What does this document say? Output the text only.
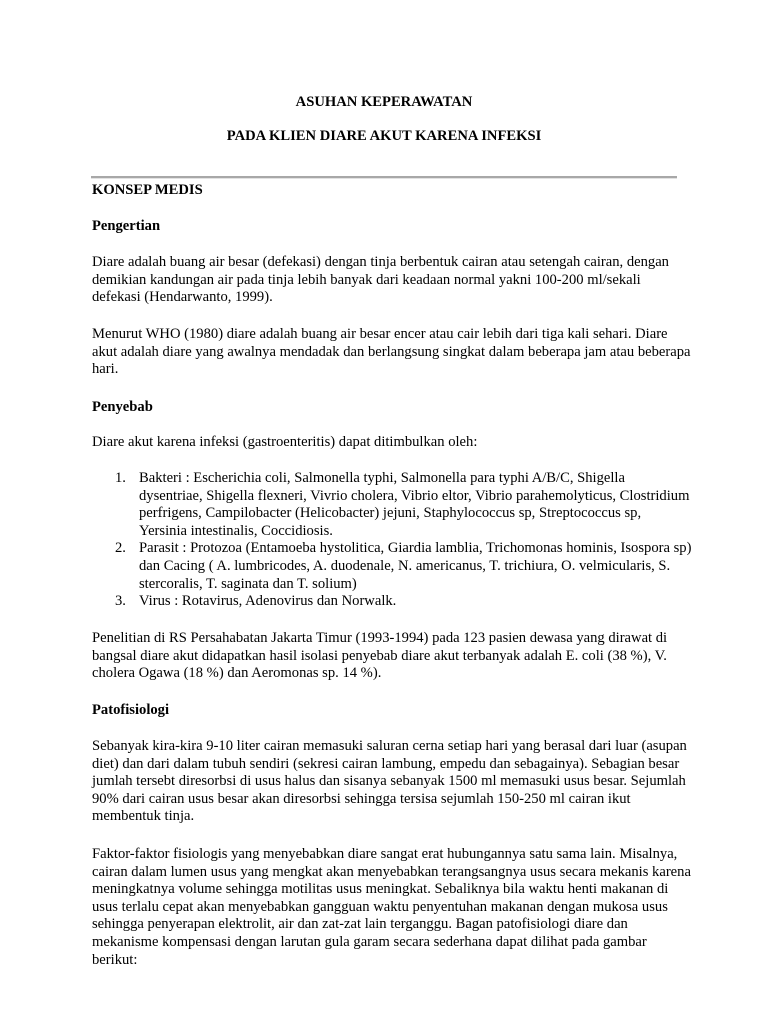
ASUHAN KEPERAWATAN
PADA KLIEN DIARE AKUT KARENA INFEKSI
KONSEP MEDIS
Pengertian

Diare adalah buang air besar (defekasi) dengan tinja berbentuk cairan atau setengah cairan, dengan demikian kandungan air pada tinja lebih banyak dari keadaan normal yakni 100-200 ml/sekali defekasi (Hendarwanto, 1999).

Menurut WHO (1980) diare adalah buang air besar encer atau cair lebih dari tiga kali sehari. Diare akut adalah diare yang awalnya mendadak dan berlangsung singkat dalam beberapa jam atau beberapa hari.

Penyebab

Diare akut karena infeksi (gastroenteritis) dapat ditimbulkan oleh:

1. Bakteri : Escherichia coli, Salmonella typhi, Salmonella para typhi A/B/C, Shigella dysentriae, Shigella flexneri, Vivrio cholera, Vibrio eltor, Vibrio parahemolyticus, Clostridium perfrigens, Campilobacter (Helicobacter) jejuni, Staphylococcus sp, Streptococcus sp, Yersinia intestinalis, Coccidiosis.
2. Parasit : Protozoa (Entamoeba hystolitica, Giardia lamblia, Trichomonas hominis, Isospora sp) dan Cacing ( A. lumbricodes, A. duodenale, N. americanus, T. trichiura, O. velmicularis, S. stercoralis, T. saginata dan T. solium)
3. Virus : Rotavirus, Adenovirus dan Norwalk.

Penelitian di RS Persahabatan Jakarta Timur (1993-1994) pada 123 pasien dewasa yang dirawat di bangsal diare akut didapatkan hasil isolasi penyebab diare akut terbanyak adalah E. coli (38 %), V. cholera Ogawa (18 %) dan Aeromonas sp. 14 %).

Patofisiologi

Sebanyak kira-kira 9-10 liter cairan memasuki saluran cerna setiap hari yang berasal dari luar (asupan diet) dan dari dalam tubuh sendiri (sekresi cairan lambung, empedu dan sebagainya). Sebagian besar jumlah tersebt diresorbsi di usus halus dan sisanya sebanyak 1500 ml memasuki usus besar. Sejumlah 90% dari cairan usus besar akan diresorbsi sehingga tersisa sejumlah 150-250 ml cairan ikut membentuk tinja.

Faktor-faktor fisiologis yang menyebabkan diare sangat erat hubungannya satu sama lain. Misalnya, cairan dalam lumen usus yang mengkat akan menyebabkan terangsangnya usus secara mekanis karena meningkatnya volume sehingga motilitas usus meningkat. Sebaliknya bila waktu henti makanan di usus terlalu cepat akan menyebabkan gangguan waktu penyentuhan makanan dengan mukosa usus sehingga penyerapan elektrolit, air dan zat-zat lain terganggu. Bagan patofisiologi diare dan mekanisme kompensasi dengan larutan gula garam secara sederhana dapat dilihat pada gambar berikut:
